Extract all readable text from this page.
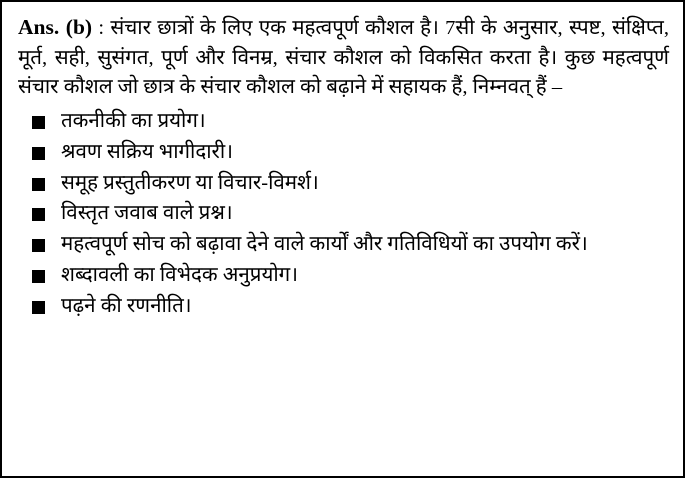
Ans. (b) : संचार छात्रों के लिए एक महत्वपूर्ण कौशल है। 7सी के अनुसार, स्पष्ट, संक्षिप्त, मूर्त, सही, सुसंगत, पूर्ण और विनम्र, संचार कौशल को विकसित करता है। कुछ महत्वपूर्ण संचार कौशल जो छात्र के संचार कौशल को बढ़ाने में सहायक हैं, निम्नवत् हैं –

तकनीकी का प्रयोग।
श्रवण सक्रिय भागीदारी।
समूह प्रस्तुतीकरण या विचार-विमर्श।
विस्तृत जवाब वाले प्रश्न।
महत्वपूर्ण सोच को बढ़ावा देने वाले कार्यों और गतिविधियों का उपयोग करें।
शब्दावली का विभेदक अनुप्रयोग।
पढ़ने की रणनीति।
